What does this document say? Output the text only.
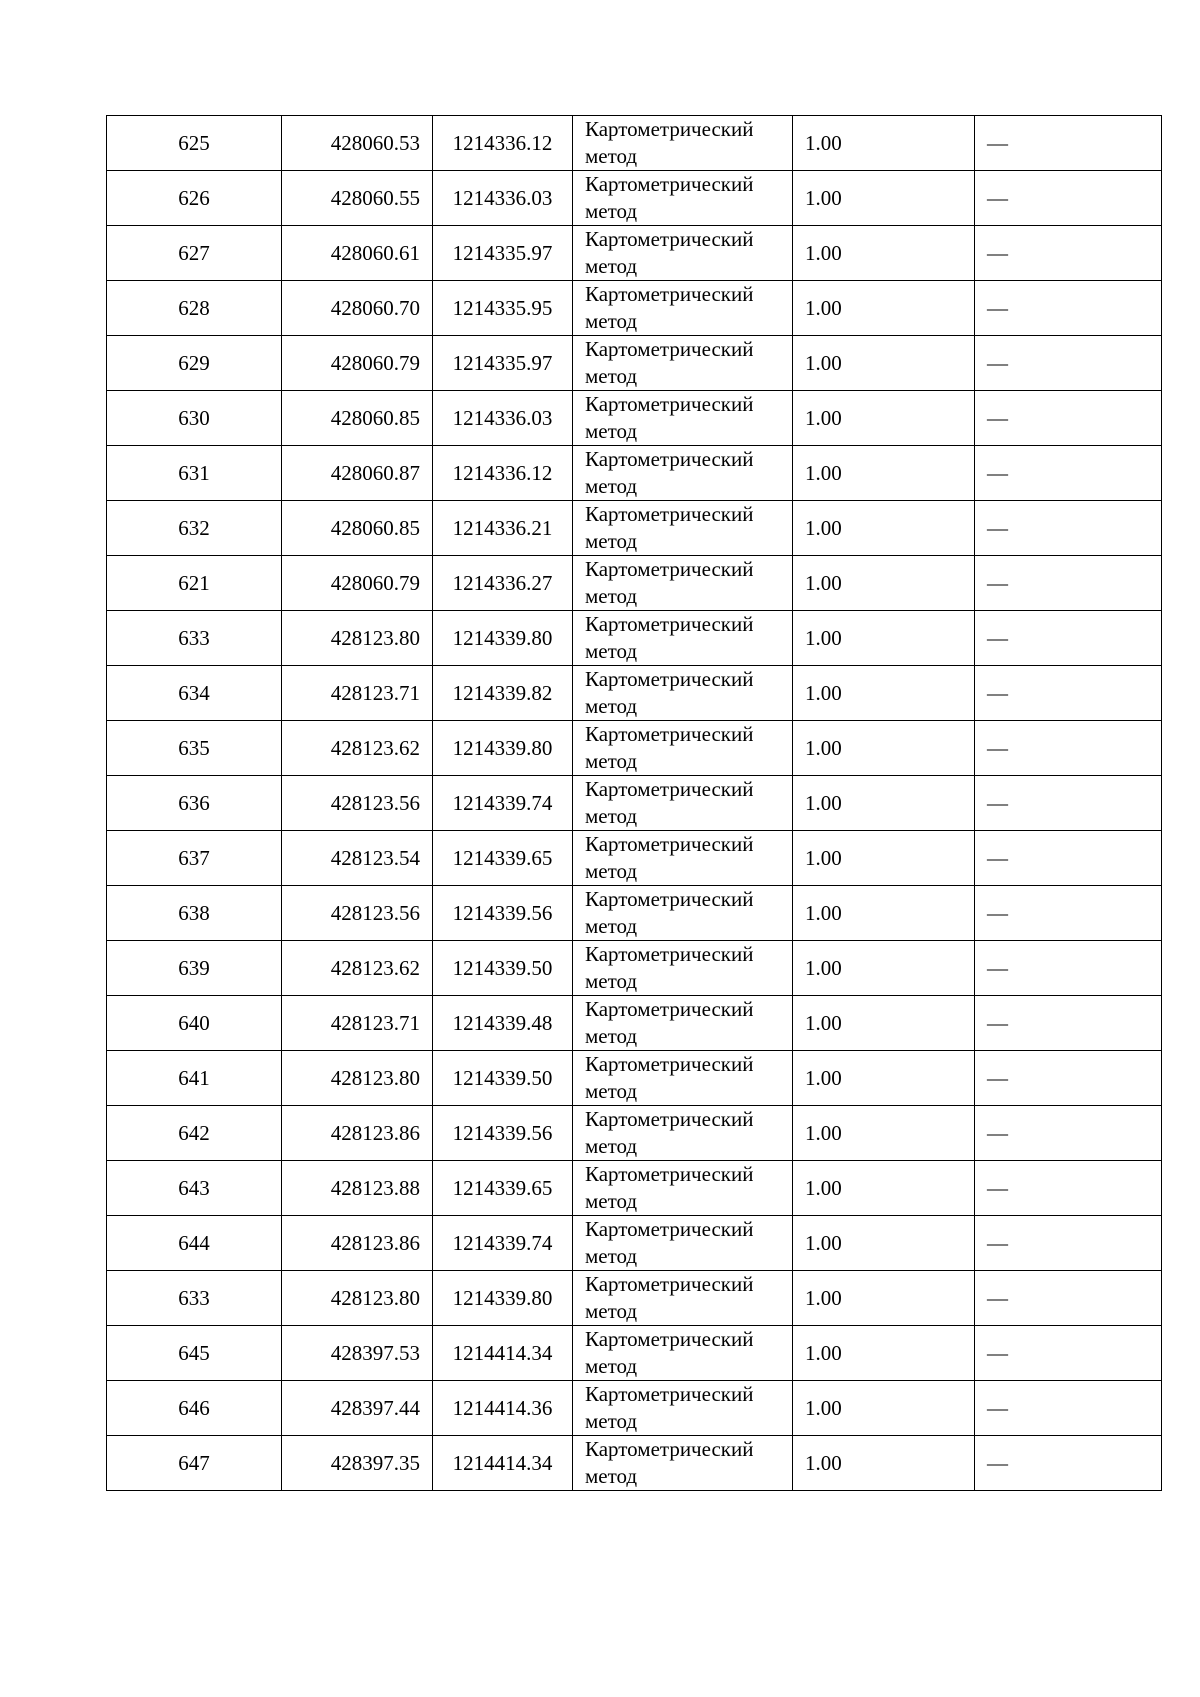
625	428060.53	1214336.12	Картометрический
метод	1.00	—
626	428060.55	1214336.03	Картометрический
метод	1.00	—
627	428060.61	1214335.97	Картометрический
метод	1.00	—
628	428060.70	1214335.95	Картометрический
метод	1.00	—
629	428060.79	1214335.97	Картометрический
метод	1.00	—
630	428060.85	1214336.03	Картометрический
метод	1.00	—
631	428060.87	1214336.12	Картометрический
метод	1.00	—
632	428060.85	1214336.21	Картометрический
метод	1.00	—
621	428060.79	1214336.27	Картометрический
метод	1.00	—
633	428123.80	1214339.80	Картометрический
метод	1.00	—
634	428123.71	1214339.82	Картометрический
метод	1.00	—
635	428123.62	1214339.80	Картометрический
метод	1.00	—
636	428123.56	1214339.74	Картометрический
метод	1.00	—
637	428123.54	1214339.65	Картометрический
метод	1.00	—
638	428123.56	1214339.56	Картометрический
метод	1.00	—
639	428123.62	1214339.50	Картометрический
метод	1.00	—
640	428123.71	1214339.48	Картометрический
метод	1.00	—
641	428123.80	1214339.50	Картометрический
метод	1.00	—
642	428123.86	1214339.56	Картометрический
метод	1.00	—
643	428123.88	1214339.65	Картометрический
метод	1.00	—
644	428123.86	1214339.74	Картометрический
метод	1.00	—
633	428123.80	1214339.80	Картометрический
метод	1.00	—
645	428397.53	1214414.34	Картометрический
метод	1.00	—
646	428397.44	1214414.36	Картометрический
метод	1.00	—
647	428397.35	1214414.34	Картометрический
метод	1.00	—
